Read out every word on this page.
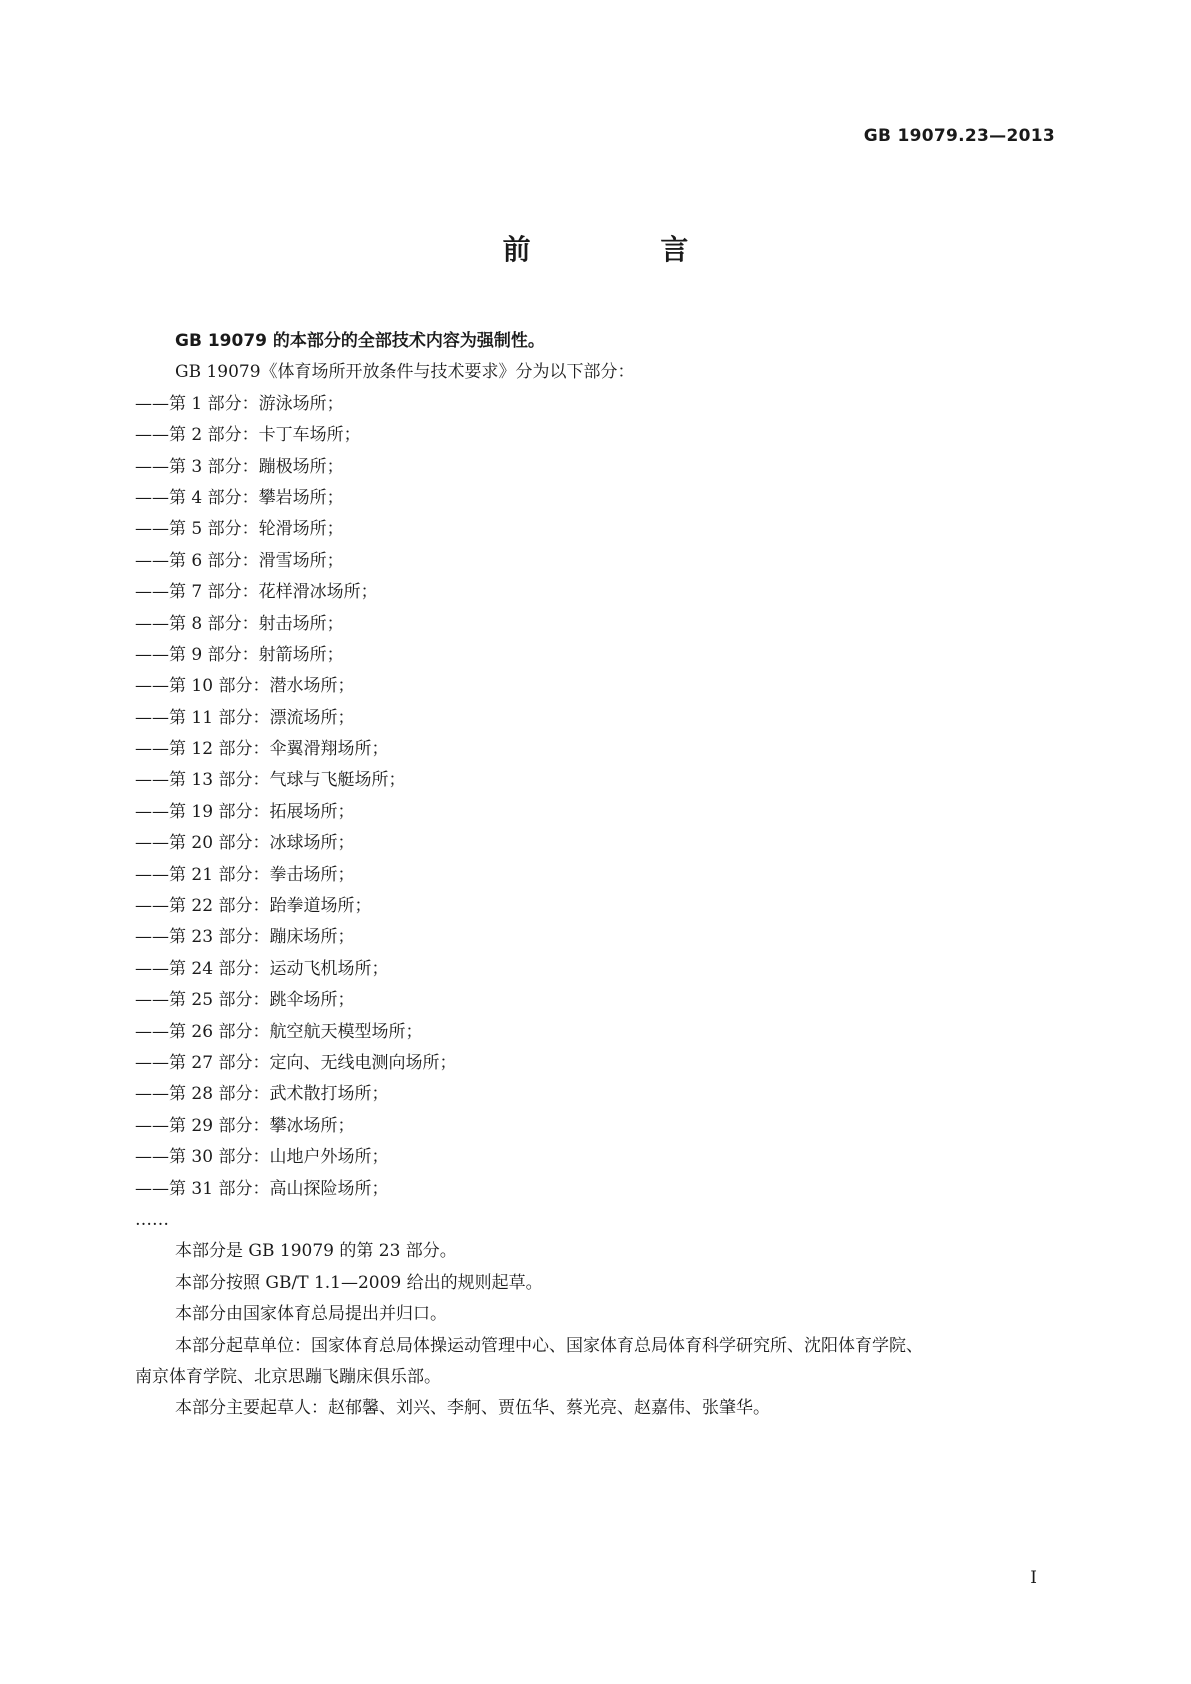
GB 19079.23—2013
前 言
GB 19079 的本部分的全部技术内容为强制性。
GB 19079《体育场所开放条件与技术要求》分为以下部分：
——第 1 部分：游泳场所；
——第 2 部分：卡丁车场所；
——第 3 部分：蹦极场所；
——第 4 部分：攀岩场所；
——第 5 部分：轮滑场所；
——第 6 部分：滑雪场所；
——第 7 部分：花样滑冰场所；
——第 8 部分：射击场所；
——第 9 部分：射箭场所；
——第 10 部分：潜水场所；
——第 11 部分：漂流场所；
——第 12 部分：伞翼滑翔场所；
——第 13 部分：气球与飞艇场所；
——第 19 部分：拓展场所；
——第 20 部分：冰球场所；
——第 21 部分：拳击场所；
——第 22 部分：跆拳道场所；
——第 23 部分：蹦床场所；
——第 24 部分：运动飞机场所；
——第 25 部分：跳伞场所；
——第 26 部分：航空航天模型场所；
——第 27 部分：定向、无线电测向场所；
——第 28 部分：武术散打场所；
——第 29 部分：攀冰场所；
——第 30 部分：山地户外场所；
——第 31 部分：高山探险场所；
……
本部分是 GB 19079 的第 23 部分。
本部分按照 GB/T 1.1—2009 给出的规则起草。
本部分由国家体育总局提出并归口。
本部分起草单位：国家体育总局体操运动管理中心、国家体育总局体育科学研究所、沈阳体育学院、
南京体育学院、北京思蹦飞蹦床俱乐部。
本部分主要起草人：赵郁馨、刘兴、李舸、贾伍华、蔡光亮、赵嘉伟、张肇华。
I
